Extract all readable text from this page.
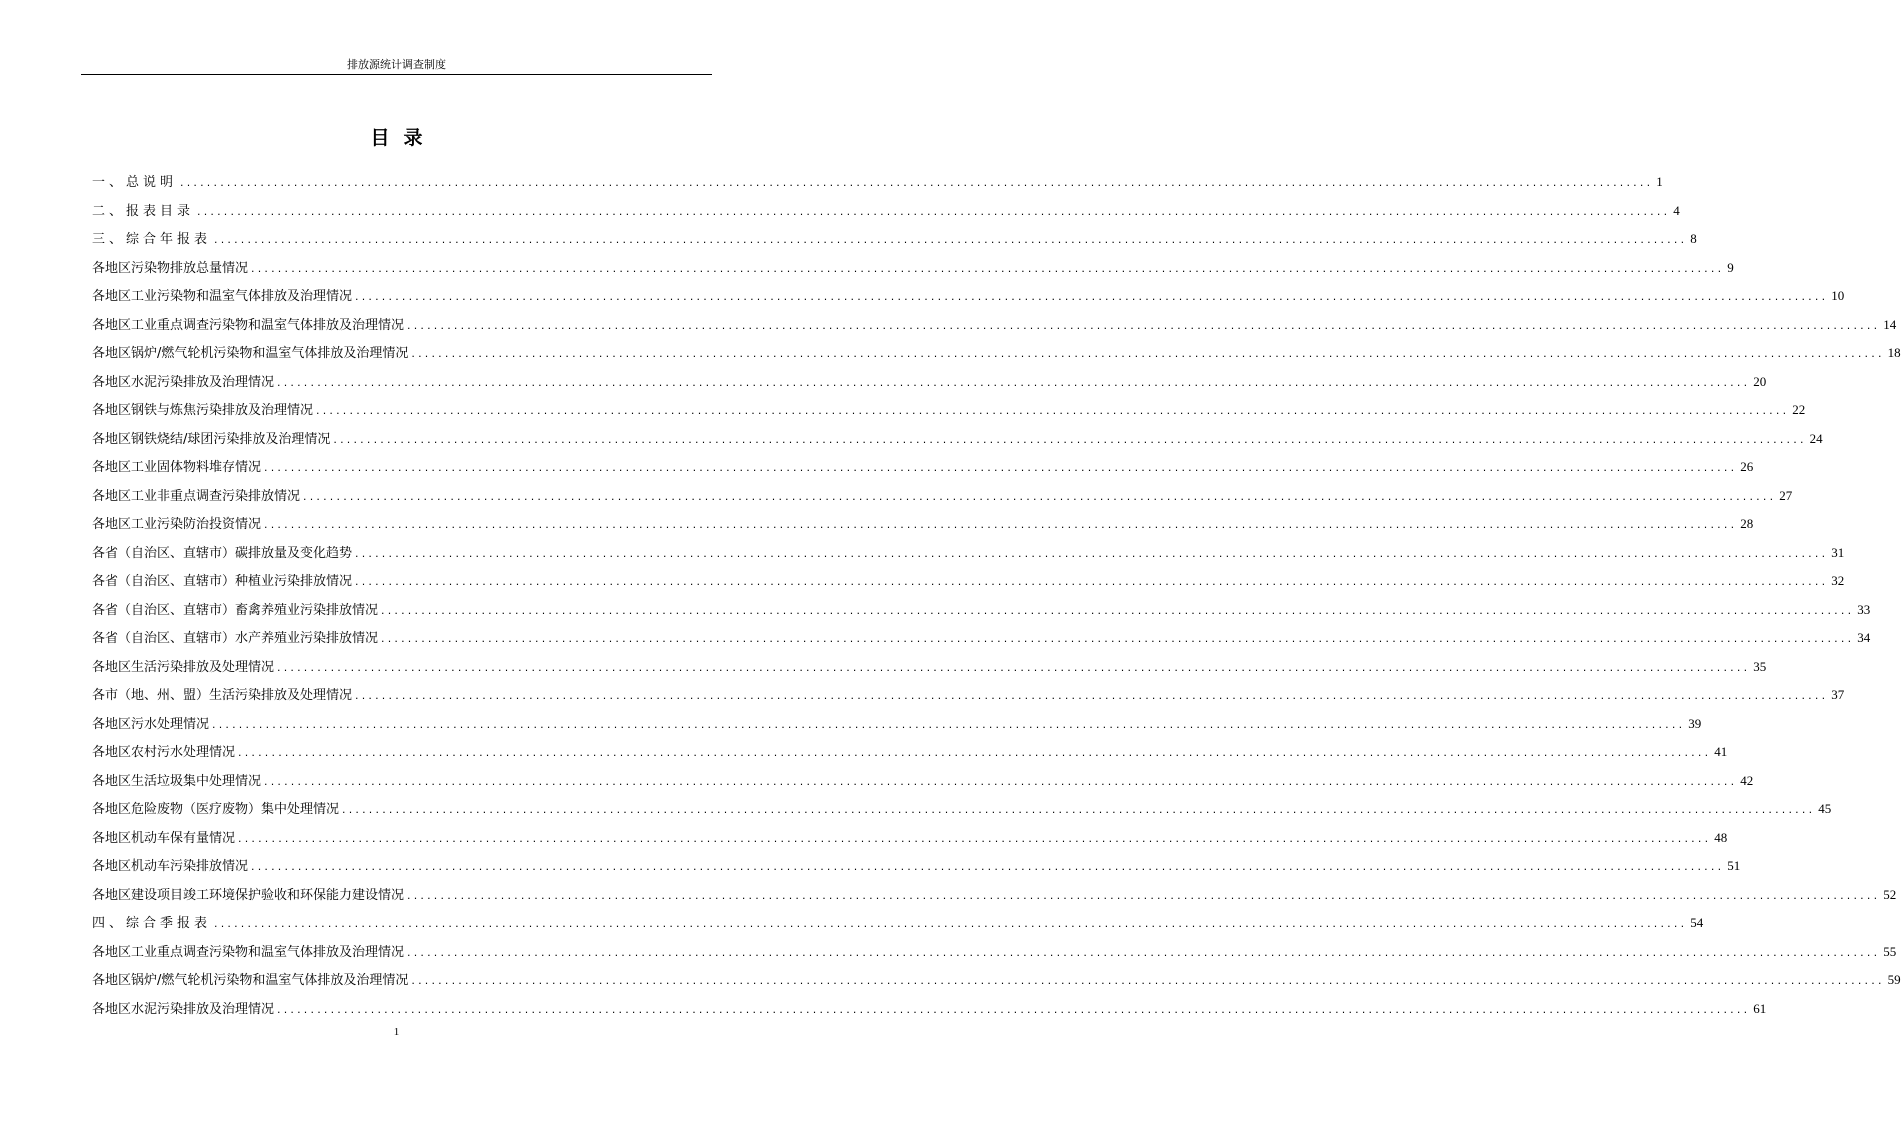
排放源统计调查制度
目录
一、总说明 ............................................................................................................................................................................................................................ 1
二、报表目录 ............................................................................................................................................................................................................................ 4
三、综合年报表 ............................................................................................................................................................................................................................ 8
各地区污染物排放总量情况 ............................................................................................................................................................................................................................ 9
各地区工业污染物和温室气体排放及治理情况 ............................................................................................................................................................................................................................ 10
各地区工业重点调查污染物和温室气体排放及治理情况 ............................................................................................................................................................................................................................ 14
各地区锅炉/燃气轮机污染物和温室气体排放及治理情况 ............................................................................................................................................................................................................................ 18
各地区水泥污染排放及治理情况 ............................................................................................................................................................................................................................ 20
各地区钢铁与炼焦污染排放及治理情况 ............................................................................................................................................................................................................................ 22
各地区钢铁烧结/球团污染排放及治理情况 ............................................................................................................................................................................................................................ 24
各地区工业固体物料堆存情况 ............................................................................................................................................................................................................................ 26
各地区工业非重点调查污染排放情况 ............................................................................................................................................................................................................................ 27
各地区工业污染防治投资情况 ............................................................................................................................................................................................................................ 28
各省（自治区、直辖市）碳排放量及变化趋势 ............................................................................................................................................................................................................................ 31
各省（自治区、直辖市）种植业污染排放情况 ............................................................................................................................................................................................................................ 32
各省（自治区、直辖市）畜禽养殖业污染排放情况 ............................................................................................................................................................................................................................ 33
各省（自治区、直辖市）水产养殖业污染排放情况 ............................................................................................................................................................................................................................ 34
各地区生活污染排放及处理情况 ............................................................................................................................................................................................................................ 35
各市（地、州、盟）生活污染排放及处理情况 ............................................................................................................................................................................................................................ 37
各地区污水处理情况 ............................................................................................................................................................................................................................ 39
各地区农村污水处理情况 ............................................................................................................................................................................................................................ 41
各地区生活垃圾集中处理情况 ............................................................................................................................................................................................................................ 42
各地区危险废物（医疗废物）集中处理情况 ............................................................................................................................................................................................................................ 45
各地区机动车保有量情况 ............................................................................................................................................................................................................................ 48
各地区机动车污染排放情况 ............................................................................................................................................................................................................................ 51
各地区建设项目竣工环境保护验收和环保能力建设情况 ............................................................................................................................................................................................................................ 52
四、综合季报表 ............................................................................................................................................................................................................................ 54
各地区工业重点调查污染物和温室气体排放及治理情况 ............................................................................................................................................................................................................................ 55
各地区锅炉/燃气轮机污染物和温室气体排放及治理情况 ............................................................................................................................................................................................................................ 59
各地区水泥污染排放及治理情况 ............................................................................................................................................................................................................................ 61
1
